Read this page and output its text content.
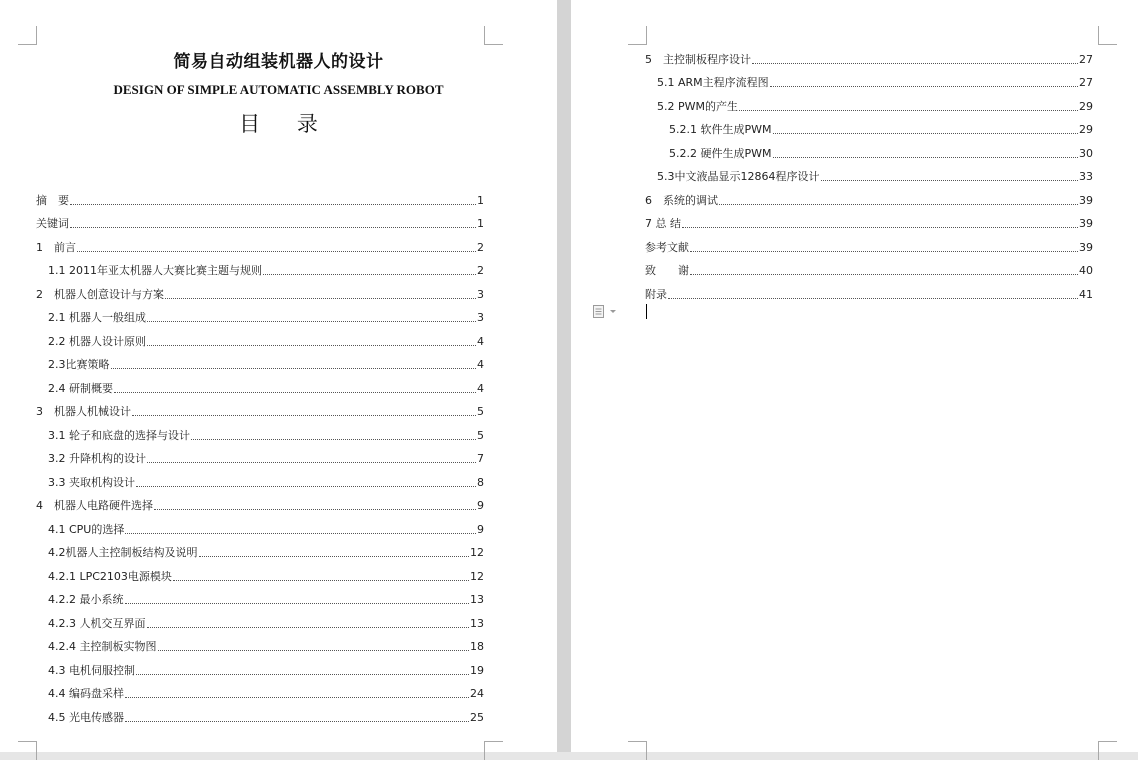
简易自动组装机器人的设计
DESIGN OF SIMPLE AUTOMATIC ASSEMBLY ROBOT
目 录
摘　要	1
关键词	1
1　前言	2
1.1 2011年亚太机器人大赛比赛主题与规则	2
2　机器人创意设计与方案	3
2.1 机器人一般组成	3
2.2 机器人设计原则	4
2.3比赛策略	4
2.4 研制概要	4
3　机器人机械设计	5
3.1 轮子和底盘的选择与设计	5
3.2 升降机构的设计	7
3.3 夹取机构设计	8
4　机器人电路硬件选择	9
4.1 CPU的选择	9
4.2机器人主控制板结构及说明	12
4.2.1 LPC2103电源模块	12
4.2.2 最小系统	13
4.2.3 人机交互界面	13
4.2.4 主控制板实物图	18
4.3 电机伺服控制	19
4.4 编码盘采样	24
4.5 光电传感器	25
5　主控制板程序设计	27
5.1 ARM主程序流程图	27
5.2 PWM的产生	29
5.2.1 软件生成PWM	29
5.2.2 硬件生成PWM	30
5.3中文液晶显示12864程序设计	33
6　系统的调试	39
7 总 结	39
参考文献	39
致　　谢	40
附录	41
